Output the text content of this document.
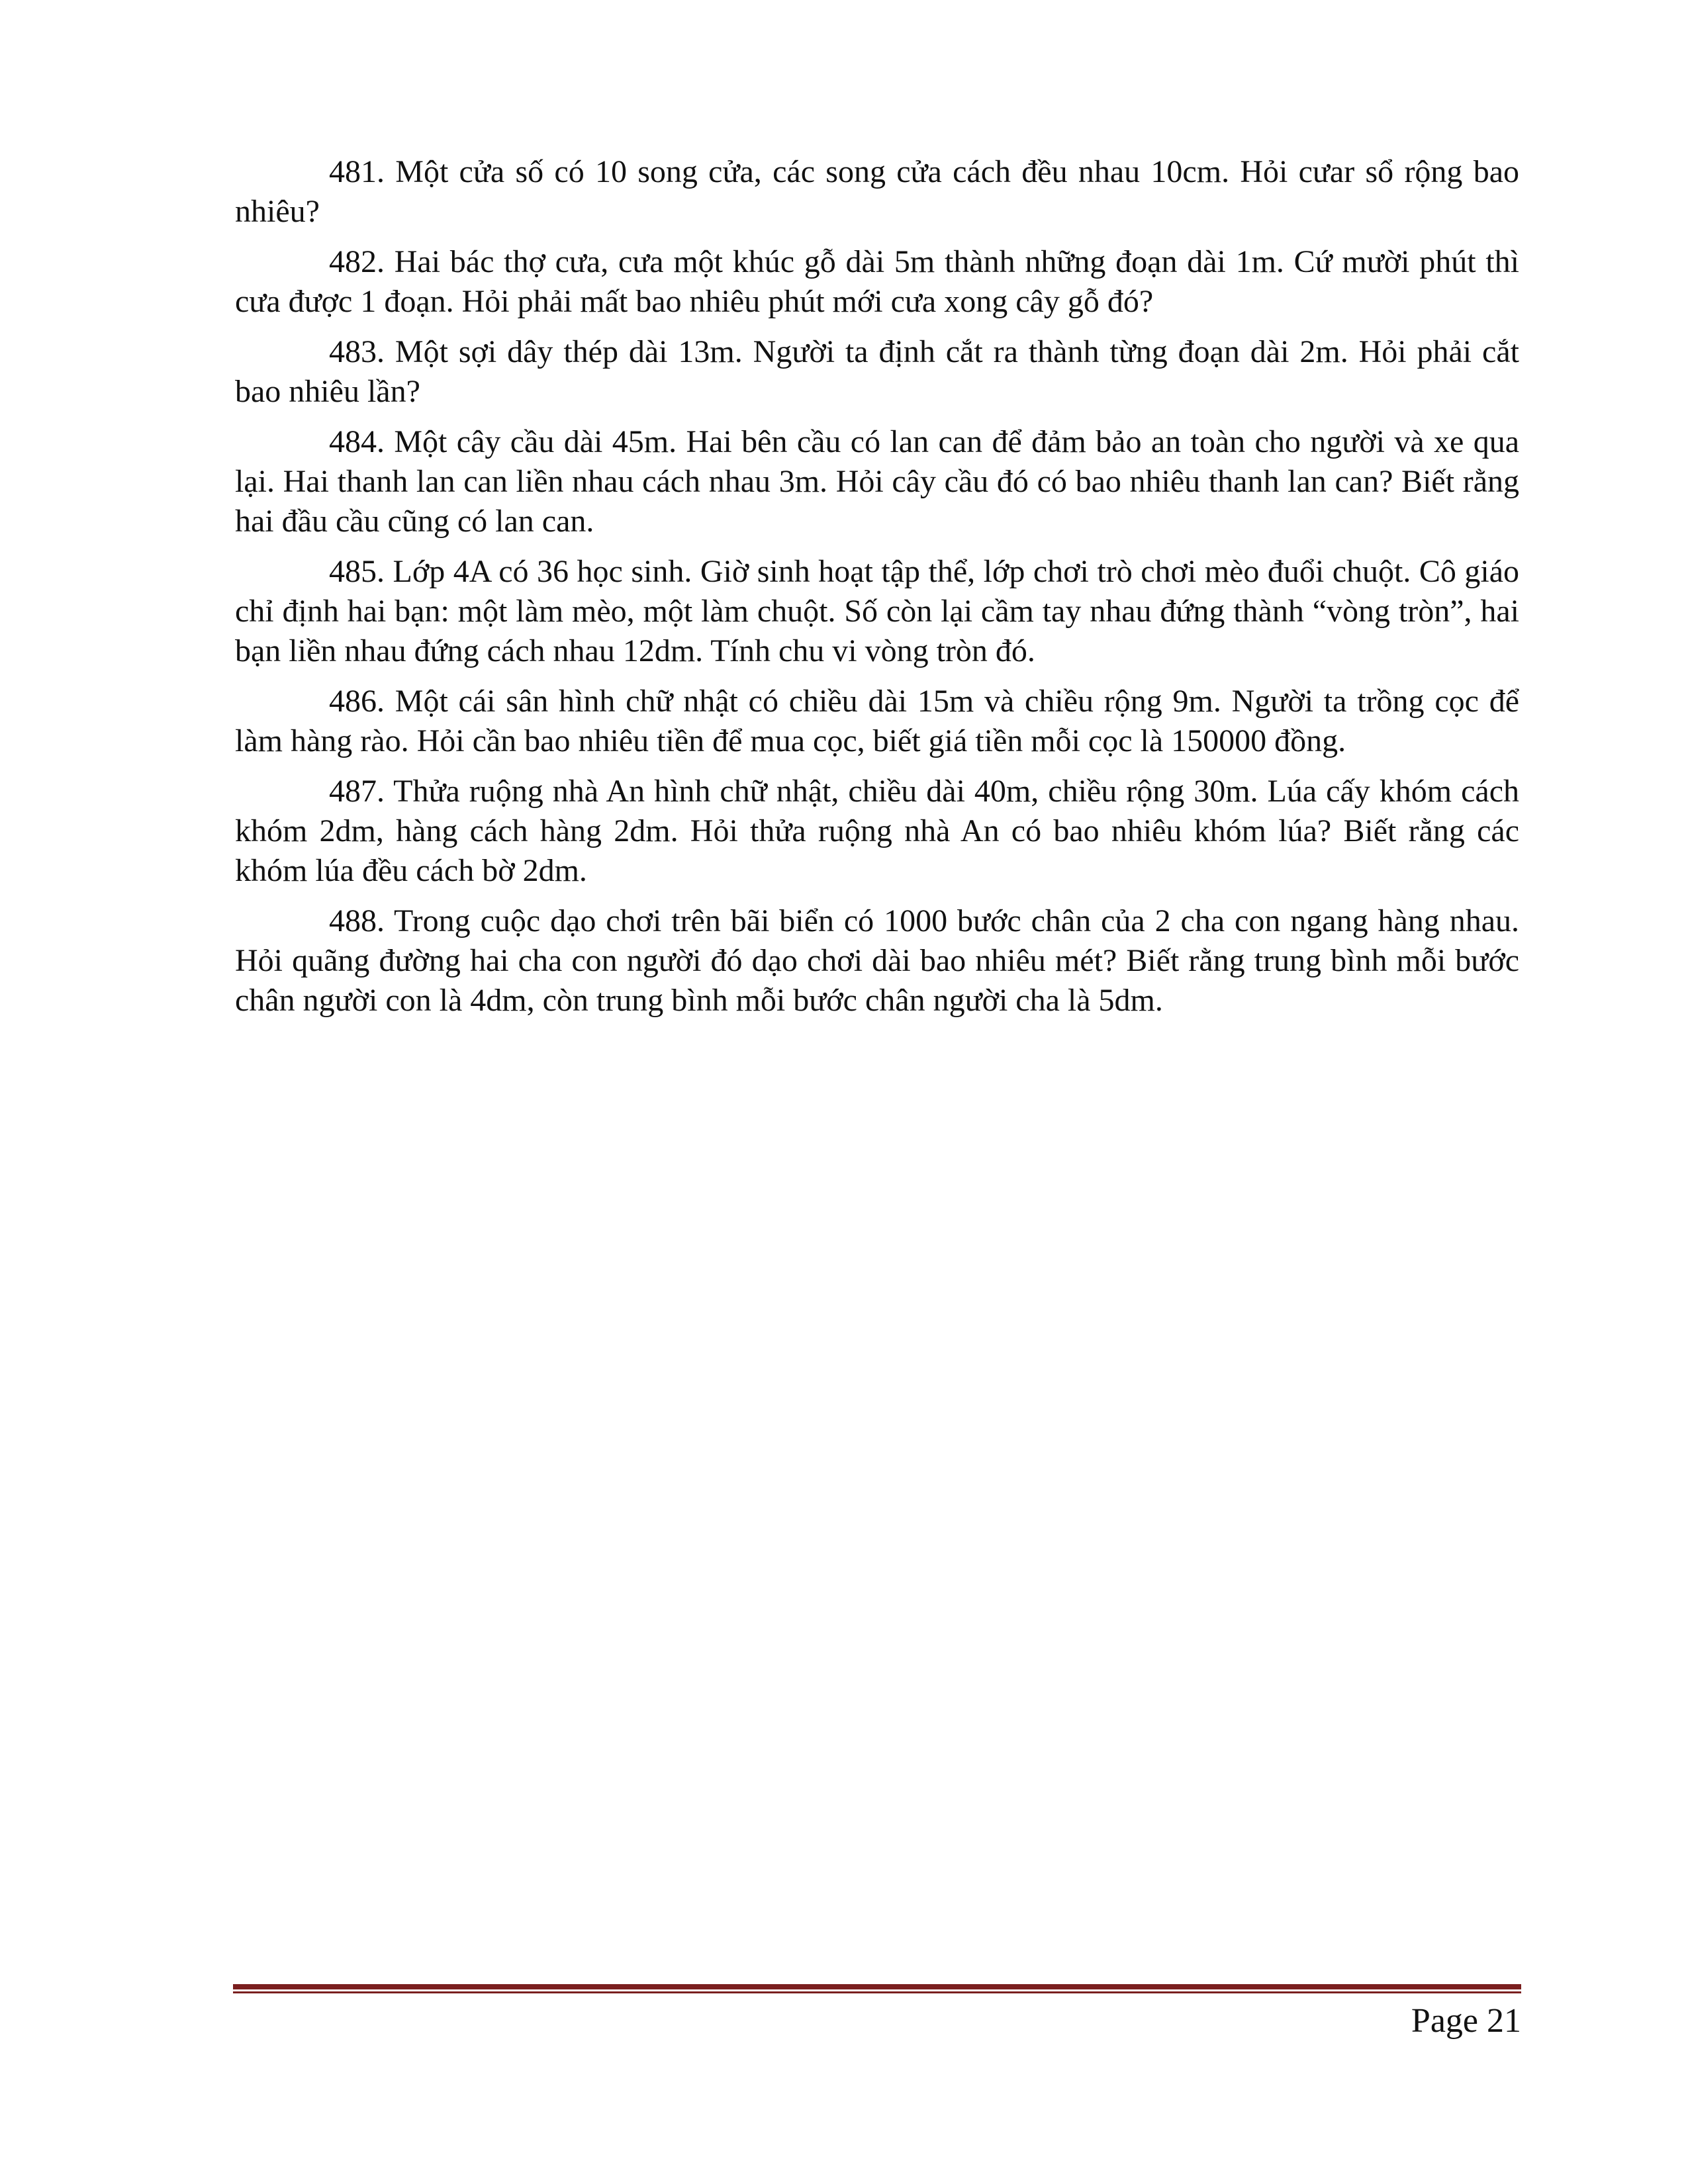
481. Một cửa số có 10 song cửa, các song cửa cách đều nhau 10cm. Hỏi cưar sổ rộng bao nhiêu?

482. Hai bác thợ cưa, cưa một khúc gỗ dài 5m thành những đoạn dài 1m. Cứ mười phút thì cưa được 1 đoạn. Hỏi phải mất bao nhiêu phút mới cưa xong cây gỗ đó?

483. Một sợi dây thép dài 13m. Người ta định cắt ra thành từng đoạn dài 2m. Hỏi phải cắt bao nhiêu lần?

484. Một cây cầu dài 45m. Hai bên cầu có lan can để đảm bảo an toàn cho người và xe qua lại. Hai thanh lan can liền nhau cách nhau 3m. Hỏi cây cầu đó có bao nhiêu thanh lan can? Biết rằng hai đầu cầu cũng có lan can.

485. Lớp 4A có 36 học sinh. Giờ sinh hoạt tập thể, lớp chơi trò chơi mèo đuổi chuột. Cô giáo chỉ định hai bạn: một làm mèo, một làm chuột. Số còn lại cầm tay nhau đứng thành “vòng tròn”, hai bạn liền nhau đứng cách nhau 12dm. Tính chu vi vòng tròn đó.

486. Một cái sân hình chữ nhật có chiều dài 15m và chiều rộng 9m. Người ta trồng cọc để làm hàng rào. Hỏi cần bao nhiêu tiền để mua cọc, biết giá tiền mỗi cọc là 150000 đồng.

487. Thửa ruộng nhà An hình chữ nhật, chiều dài 40m, chiều rộng 30m. Lúa cấy khóm cách khóm 2dm, hàng cách hàng 2dm. Hỏi thửa ruộng nhà An có bao nhiêu khóm lúa? Biết rằng các khóm lúa đều cách bờ 2dm.

488. Trong cuộc dạo chơi trên bãi biển có 1000 bước chân của 2 cha con ngang hàng nhau. Hỏi quãng đường hai cha con người đó dạo chơi dài bao nhiêu mét? Biết rằng trung bình mỗi bước chân người con là 4dm, còn trung bình mỗi bước chân người cha là 5dm.

Page 21
